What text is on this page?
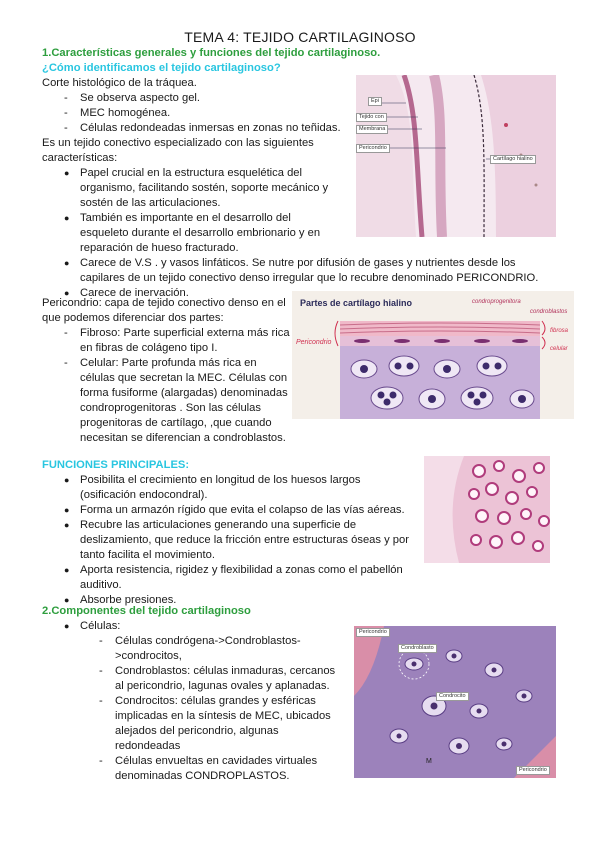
TEMA 4: TEJIDO CARTILAGINOSO
1.Características generales y funciones del tejido cartilaginoso.
¿Cómo identificamos el tejido cartilaginoso?
Corte histológico de la tráquea.
- Se observa aspecto gel.
- MEC homogénea.
- Células redondeadas inmersas en zonas no teñidas.
Es un tejido conectivo especializado con las siguientes características:
● Papel crucial en la estructura esquelética del organismo, facilitando sostén, soporte mecánico y sostén de las articulaciones.
● También es importante en el desarrollo del esqueleto durante el desarrollo embrionario y en reparación de hueso fracturado.
● Carece de V.S . y vasos linfáticos. Se nutre por difusión de gases y nutrientes desde los capilares de un tejido conectivo denso irregular que lo recubre denominado PERICONDRIO.
● Carece de inervación.
Pericondrio: capa de tejido conectivo denso en el que podemos diferenciar dos partes:
- Fibroso: Parte superficial externa más rica en fibras de colágeno tipo I.
- Celular: Parte profunda más rica en células que secretan la MEC. Células con forma fusiforme (alargadas) denominadas condroprogenitoras . Son las células progenitoras de cartílago, ,que cuando necesitan se diferencian a condroblastos.
FUNCIONES PRINCIPALES:
● Posibilita el crecimiento en longitud de los huesos largos (osificación endocondral).
● Forma un armazón rígido que evita el colapso de las vías aéreas.
● Recubre las articulaciones generando una superficie de deslizamiento, que reduce la fricción entre estructuras óseas y por tanto facilita el movimiento.
● Aporta resistencia, rigidez y flexibilidad a zonas como el pabellón auditivo.
● Absorbe presiones.
2.Componentes del tejido cartilaginoso
● Células:
- Células condrógena->Condroblastos->condrocitos,
- Condroblastos: células inmaduras, cercanos al pericondrio, lagunas ovales y aplanadas.
- Condrocitos: células grandes y esféricas implicadas en la síntesis de MEC, ubicados alejados del pericondrio, algunas redondeadas
- Células envueltas en cavidades virtuales denominadas CONDROPLASTOS.
Epi
Tejido con
Membrana
Pericondrio
Cartílago hialino
Partes de cartílago hialino	condroprogenitora
condroblastos
Pericondrio
fibrosa
celular
Pericondrio
Condroblasto
Condrocito
Pericondrio
M
